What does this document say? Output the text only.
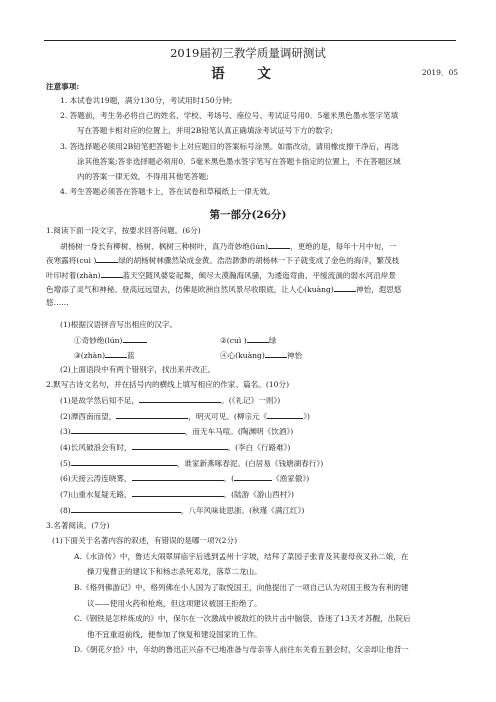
2019届初三教学质量调研测试
语 文	2019．05
注意事项:
1. 本试卷共19题，满分130分，考试用时150分钟;
2. 答题前，考生务必将自己的姓名、学校、考场号、座位号、考试证号用0．5毫米黑色墨水签字笔填
写在答题卡相对应的位置上，并用2B铅笔认真正确填涂考试证号下方的数字;
3. 答选择题必须用2B铅笔把答题卡上对应题目的答案标号涂黑。如需改动，请用橡皮擦干净后，再选
涂其他答案;答非选择题必须用0．5毫米黑色墨水签字笔写在答题卡指定的位置上，不在答题区域
内的答案一律无效，不得用其他笔答题;
4. 考生答题必须答在答题卡上，答在试卷和草稿纸上一律无效。
第一部分(26分)
1.阅读下面一段文字，按要求回答问题。(6分)
胡杨树一身长有柳树、杨树、枫树三种树叶，真乃奇妙绝(lún)	，更绝的是，每年十月中旬，一
夜寒露将(cuì )	绿的胡杨树林骤然染成金黄。浩浩渺渺的胡杨林一下子就变成了金色的海洋，繁茂枝
叶印衬着(zhàn)	蓝天空随风婆娑起舞，倾尽大漠瀚海风骚，为逶迤弯曲、平缓流淌的弱水河沿岸景
色增添了灵气和神秘。登高远远望去，仿佛是欧洲自然风景尽收眼底，让人心(kuàng)	神怡，遐思悠
悠……
(1)根据汉语拼音写出相应的汉字。
①奇妙绝(lún)	②(cuì )	绿
③(zhàn)	蓝	④心(kuàng)	神怡
(2)上面语段中有两个错别字，找出来并改正。
2.默写古诗文名句，并在括号内的横线上填写相应的作家、篇名。(10分)
(1)是故学然后知不足，	。(《礼记》一则》)
(2)潭西南而望，	，明灭可见。(柳宗元《	》)
(3)	，而无车马喧。(陶渊明《饮酒》)
(4)长风破浪会有时，	。(李白《行路难》)
(5)	，谁家新燕啄春泥。(白居易《钱塘湖春行》)
(6)天接云涛连晓雾，	。(	《渔家傲》)
(7)山重水复疑无路，	。(陆游《游山西村》)
(8)	，八年风味徒思浙。(秋瑾《满江红》)
3.名著阅读。(7分)
(1)下面关于名著内容的叙述，有错误的是哪一项?(2分)
A.《水浒传》中，鲁达大闹翠屏庙宇后逃到孟州十字坡，结拜了菜园子张青及其妻母夜叉孙二娘，在
操刀鬼曹正的建议下和杨志杀死邓龙，落草二龙山。
B.《格列佛游记》中，格列佛在小人国为了取悦国王，向他提出了一项自己认为对国王极为有利的建
议——使用火药和枪炮，但这项建议被国王拒绝了。
C.《钢铁是怎样炼成的》中，保尔在一次激战中被敌红的铁片击中脑袋，昏迷了13天才苏醒，出院后
他不宜重返前线，便参加了恢复和建设国家的工作。
D.《朝花夕拾》中，年幼的鲁迅正兴奋不已地准备与母亲等人前往东关看五猖会时，父亲却让他背一
